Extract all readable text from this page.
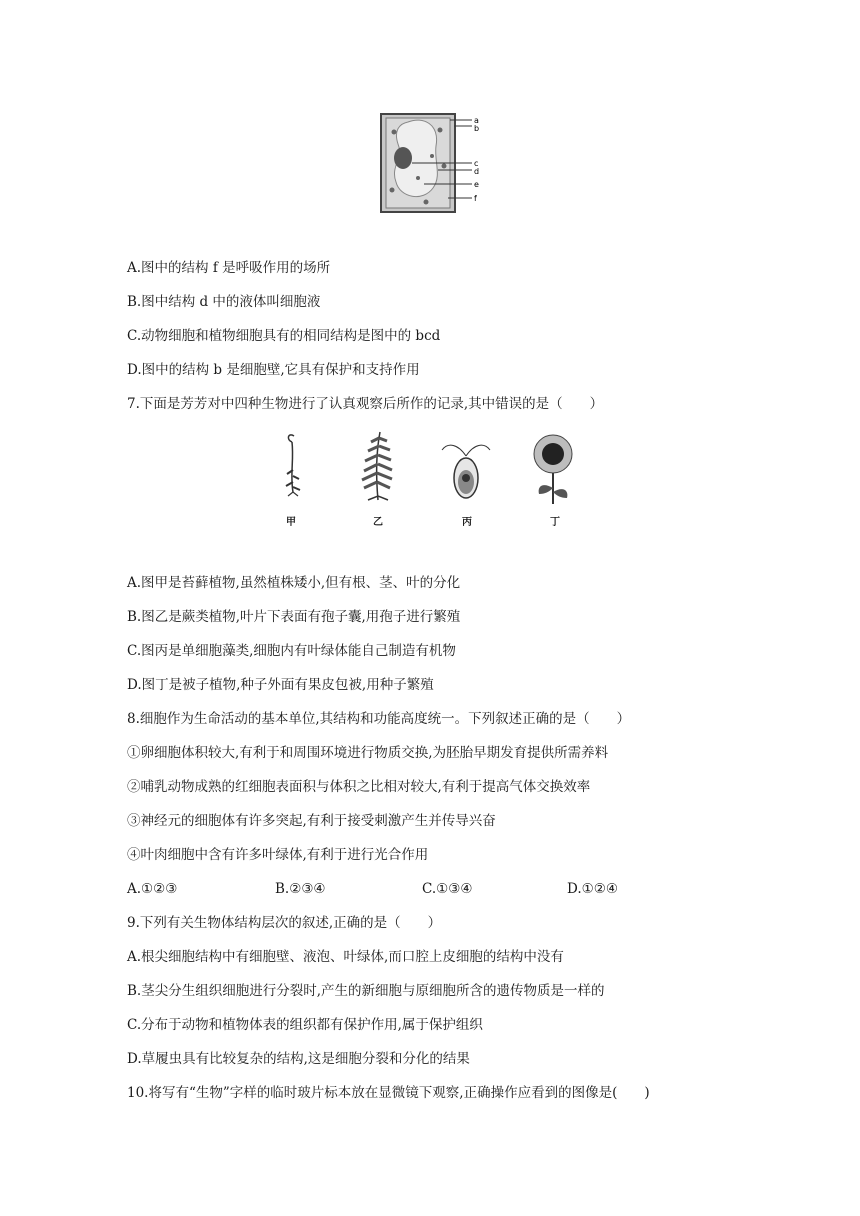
a
b
c
d
e
f
A.图中的结构 f 是呼吸作用的场所
B.图中结构 d 中的液体叫细胞液
C.动物细胞和植物细胞具有的相同结构是图中的 bcd
D.图中的结构 b 是细胞壁,它具有保护和支持作用
7.下面是芳芳对中四种生物进行了认真观察后所作的记录,其中错误的是（　　）
甲	乙	丙	丁
A.图甲是苔藓植物,虽然植株矮小,但有根、茎、叶的分化
B.图乙是蕨类植物,叶片下表面有孢子囊,用孢子进行繁殖
C.图丙是单细胞藻类,细胞内有叶绿体能自己制造有机物
D.图丁是被子植物,种子外面有果皮包被,用种子繁殖
8.细胞作为生命活动的基本单位,其结构和功能高度统一。下列叙述正确的是（　　）
①卵细胞体积较大,有利于和周围环境进行物质交换,为胚胎早期发育提供所需养料
②哺乳动物成熟的红细胞表面积与体积之比相对较大,有利于提高气体交换效率
③神经元的细胞体有许多突起,有利于接受刺激产生并传导兴奋
④叶肉细胞中含有许多叶绿体,有利于进行光合作用
A.①②③	B.②③④	C.①③④	D.①②④
9.下列有关生物体结构层次的叙述,正确的是（　　）
A.根尖细胞结构中有细胞壁、液泡、叶绿体,而口腔上皮细胞的结构中没有
B.茎尖分生组织细胞进行分裂时,产生的新细胞与原细胞所含的遗传物质是一样的
C.分布于动物和植物体表的组织都有保护作用,属于保护组织
D.草履虫具有比较复杂的结构,这是细胞分裂和分化的结果
10.将写有“生物”字样的临时玻片标本放在显微镜下观察,正确操作应看到的图像是(　　)
